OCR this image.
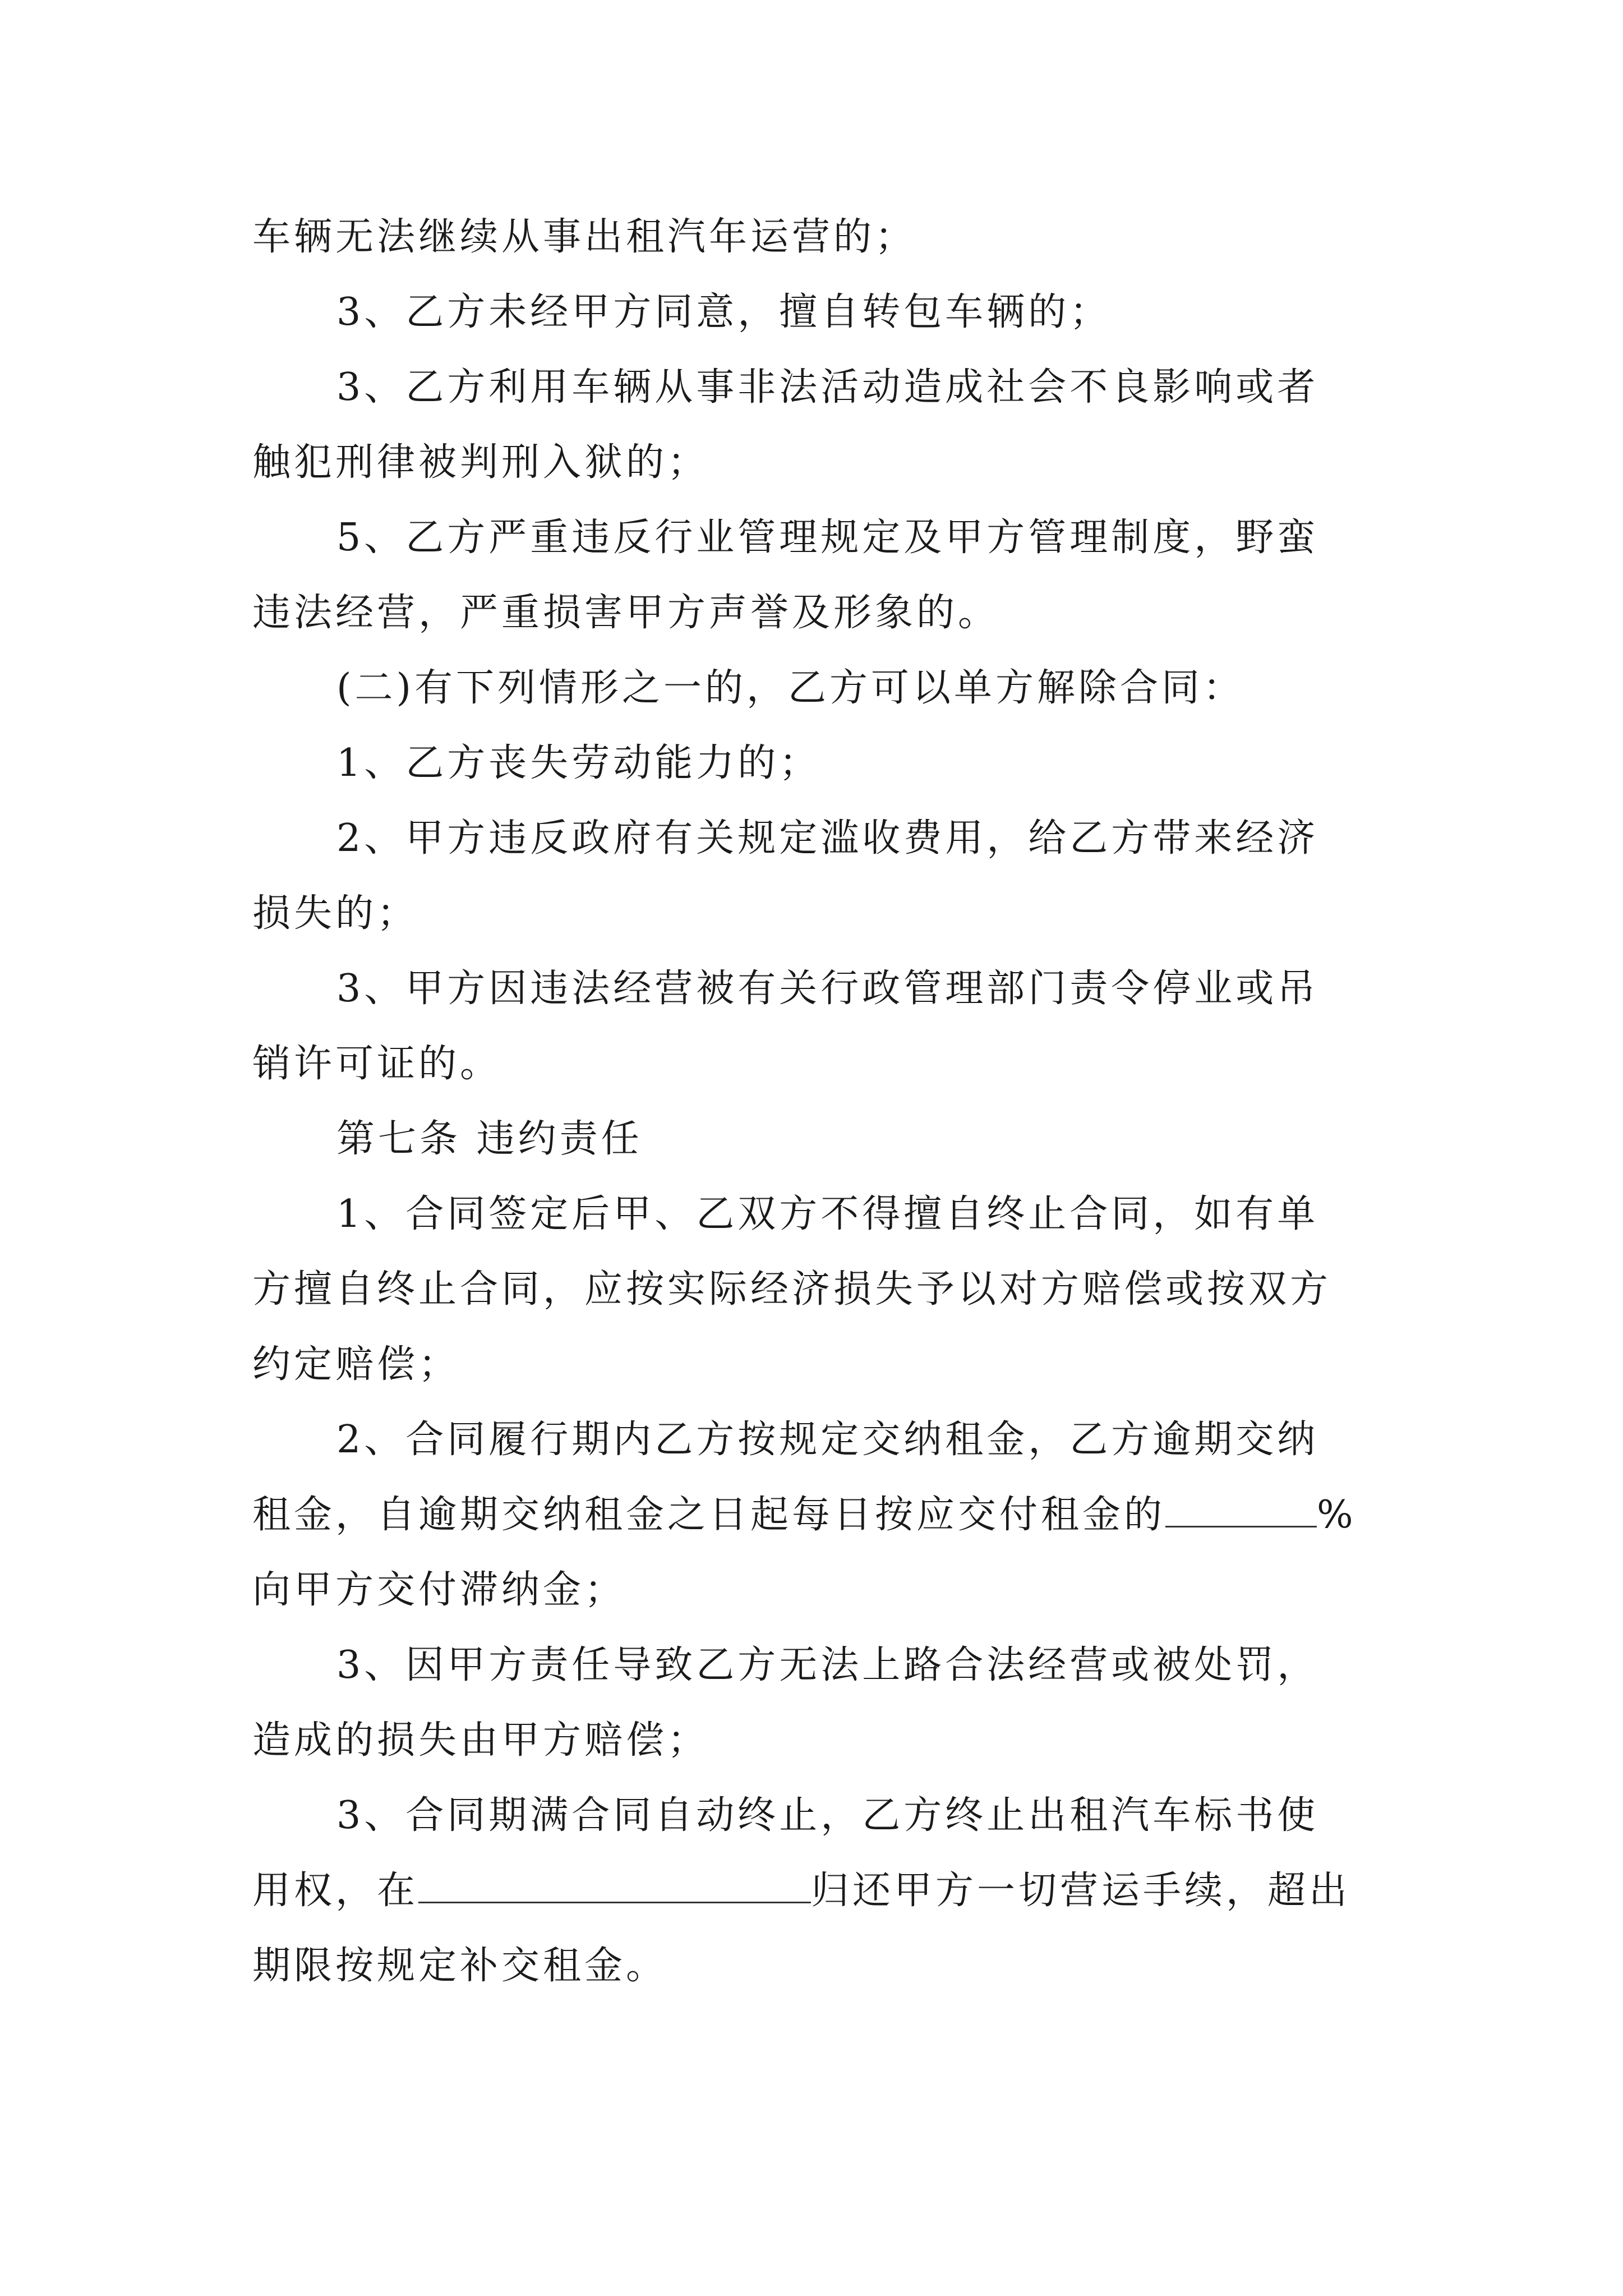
车辆无法继续从事出租汽年运营的；
3、乙方未经甲方同意，擅自转包车辆的；
3、乙方利用车辆从事非法活动造成社会不良影响或者
触犯刑律被判刑入狱的；
5、乙方严重违反行业管理规定及甲方管理制度，野蛮
违法经营，严重损害甲方声誉及形象的。
(二)有下列情形之一的，乙方可以单方解除合同：
1、乙方丧失劳动能力的；
2、甲方违反政府有关规定滥收费用，给乙方带来经济
损失的；
3、甲方因违法经营被有关行政管理部门责令停业或吊
销许可证的。
第七条 违约责任
1、合同签定后甲、乙双方不得擅自终止合同，如有单
方擅自终止合同，应按实际经济损失予以对方赔偿或按双方
约定赔偿；
2、合同履行期内乙方按规定交纳租金，乙方逾期交纳
租金，自逾期交纳租金之日起每日按应交付租金的	%
向甲方交付滞纳金；
3、因甲方责任导致乙方无法上路合法经营或被处罚，
造成的损失由甲方赔偿；
3、合同期满合同自动终止，乙方终止出租汽车标书使
用权，在	归还甲方一切营运手续，超出
期限按规定补交租金。
